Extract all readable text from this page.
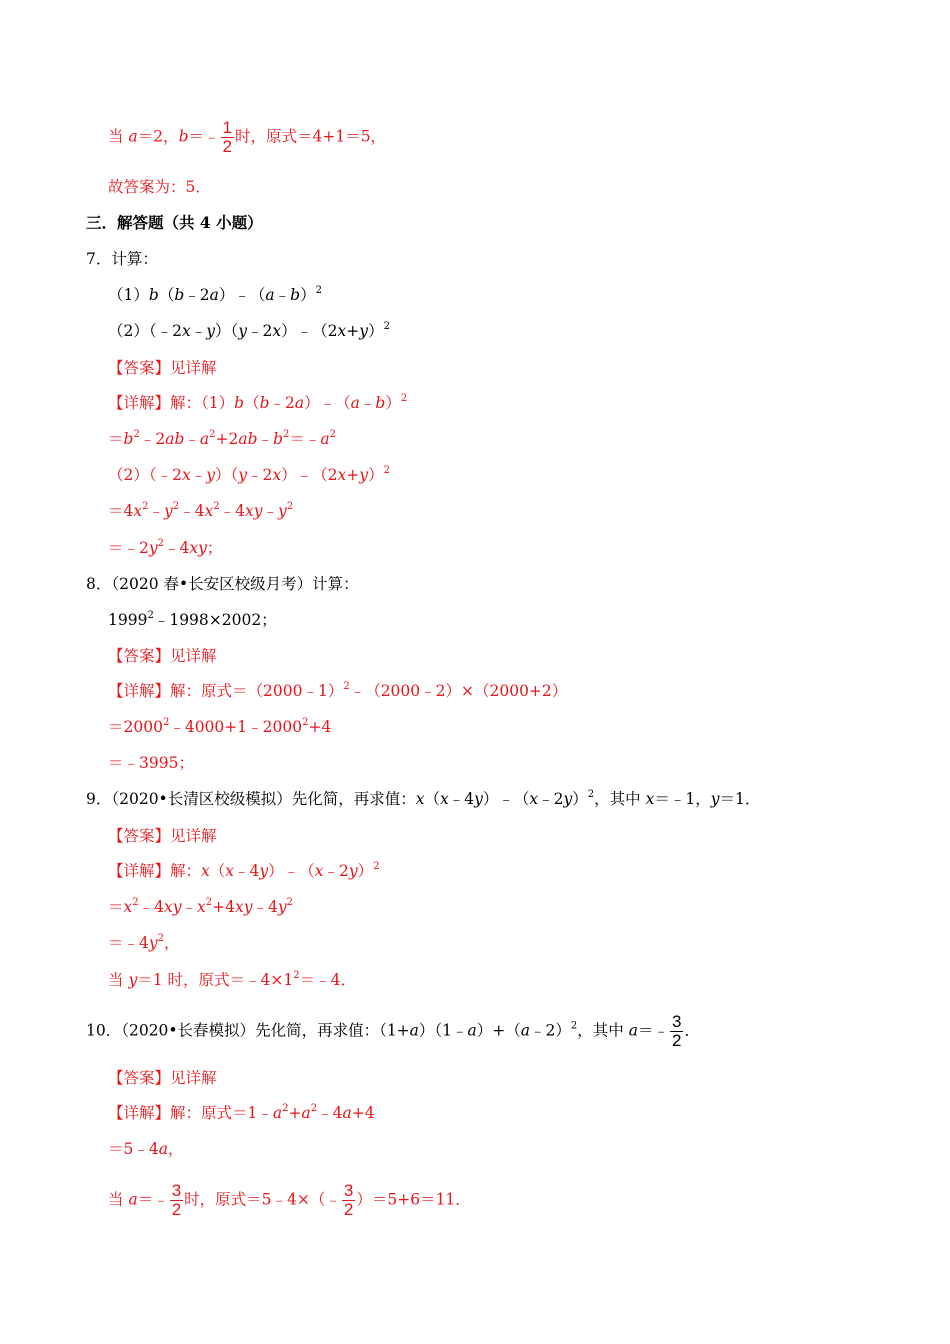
当 a＝2，b＝﹣ $\frac{1}{2}$ 时，原式＝4+1＝5，
故答案为：5．
三．解答题（共 4 小题）
7．计算：
（1）b（b﹣2a）﹣（a﹣b）$^2$
$(2)(﹣2x﹣y)(y﹣2x)﹣(2x+y)^2$
【答案】见详解
【详解】解：（1）b（b﹣2a）﹣（a﹣b）$^2$
$=b^2﹣2ab﹣a^2+2ab﹣b^2=﹣a^2$
$(2)(﹣2x﹣y)(y﹣2x)﹣(2x+y)^2$
$=4x^2﹣y^2﹣4x^2﹣4xy﹣y^2$
$=﹣2y^2﹣4xy$；
8．（2020 春•长安区校级月考）计算：
$1999^2﹣1998\times 2002$；
【答案】见详解
【详解】解：原式＝（2000﹣1）$^2$﹣（2000﹣2）×（2000+2）
$=2000^2﹣4000+1﹣2000^2+4$
＝﹣3995；
9．（2020•长清区校级模拟）先化简，再求值：x（x﹣4y）﹣（x﹣2y）$^2$，其中 x＝﹣1，y＝1．
【答案】见详解
【详解】解：x（x﹣4y）﹣（x﹣2y）$^2$
$=x^2﹣4xy﹣x^2+4xy﹣4y^2$
$=﹣4y^2$，
当 y＝1 时，原式$=﹣4\times 1^2=﹣4$．
10．（2020•长春模拟）先化简，再求值：（1+a）（1﹣a）+（a﹣2）$^2$，其中 a＝﹣ $\frac{3}{2}$ ．
【答案】见详解
【详解】解：原式$=1﹣a^2+a^2﹣4a+4$
＝5﹣4a，
当 a＝﹣ $\frac{3}{2}$ 时，原式＝5﹣4×（﹣ $\frac{3}{2} )=5+6=11$．
